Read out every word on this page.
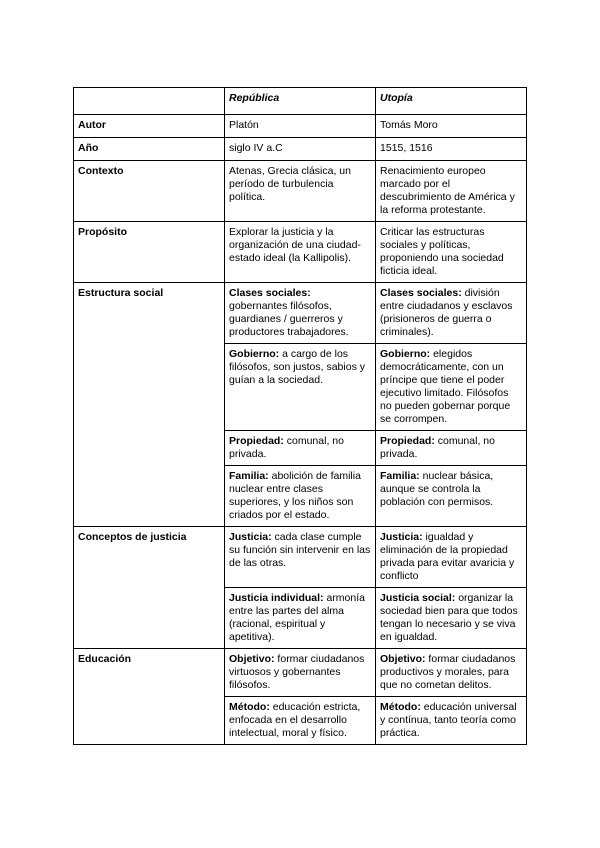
	República	Utopía
Autor	Platón	Tomás Moro
Año	siglo IV a.C	1515, 1516
Contexto	Atenas, Grecia clásica, un período de turbulencia política.	Renacimiento europeo marcado por el descubrimiento de América y la reforma protestante.
Propósito	Explorar la justicia y la organización de una ciudad-estado ideal (la Kallipolis).	Criticar las estructuras sociales y políticas, proponiendo una sociedad ficticia ideal.
Estructura social	Clases sociales: gobernantes filósofos, guardianes / guerreros y productores trabajadores.	Clases sociales: división entre ciudadanos y esclavos (prisioneros de guerra o criminales).
	Gobierno: a cargo de los filósofos, son justos, sabios y guían a la sociedad.	Gobierno: elegidos democráticamente, con un príncipe que tiene el poder ejecutivo limitado. Filósofos no pueden gobernar porque se corrompen.
	Propiedad: comunal, no privada.	Propiedad: comunal, no privada.
	Familia: abolición de familia nuclear entre clases superiores, y los niños son criados por el estado.	Familia: nuclear básica, aunque se controla la población con permisos.
Conceptos de justicia	Justicia: cada clase cumple su función sin intervenir en las de las otras.	Justicia: igualdad y eliminación de la propiedad privada para evitar avaricia y conflicto
	Justicia individual: armonía entre las partes del alma (racional, espiritual y apetitiva).	Justicia social: organizar la sociedad bien para que todos tengan lo necesario y se viva en igualdad.
Educación	Objetivo: formar ciudadanos virtuosos y gobernantes filósofos.	Objetivo: formar ciudadanos productivos y morales, para que no cometan delitos.
	Método: educación estricta, enfocada en el desarrollo intelectual, moral y físico.	Método: educación universal y contínua, tanto teoría como práctica.
